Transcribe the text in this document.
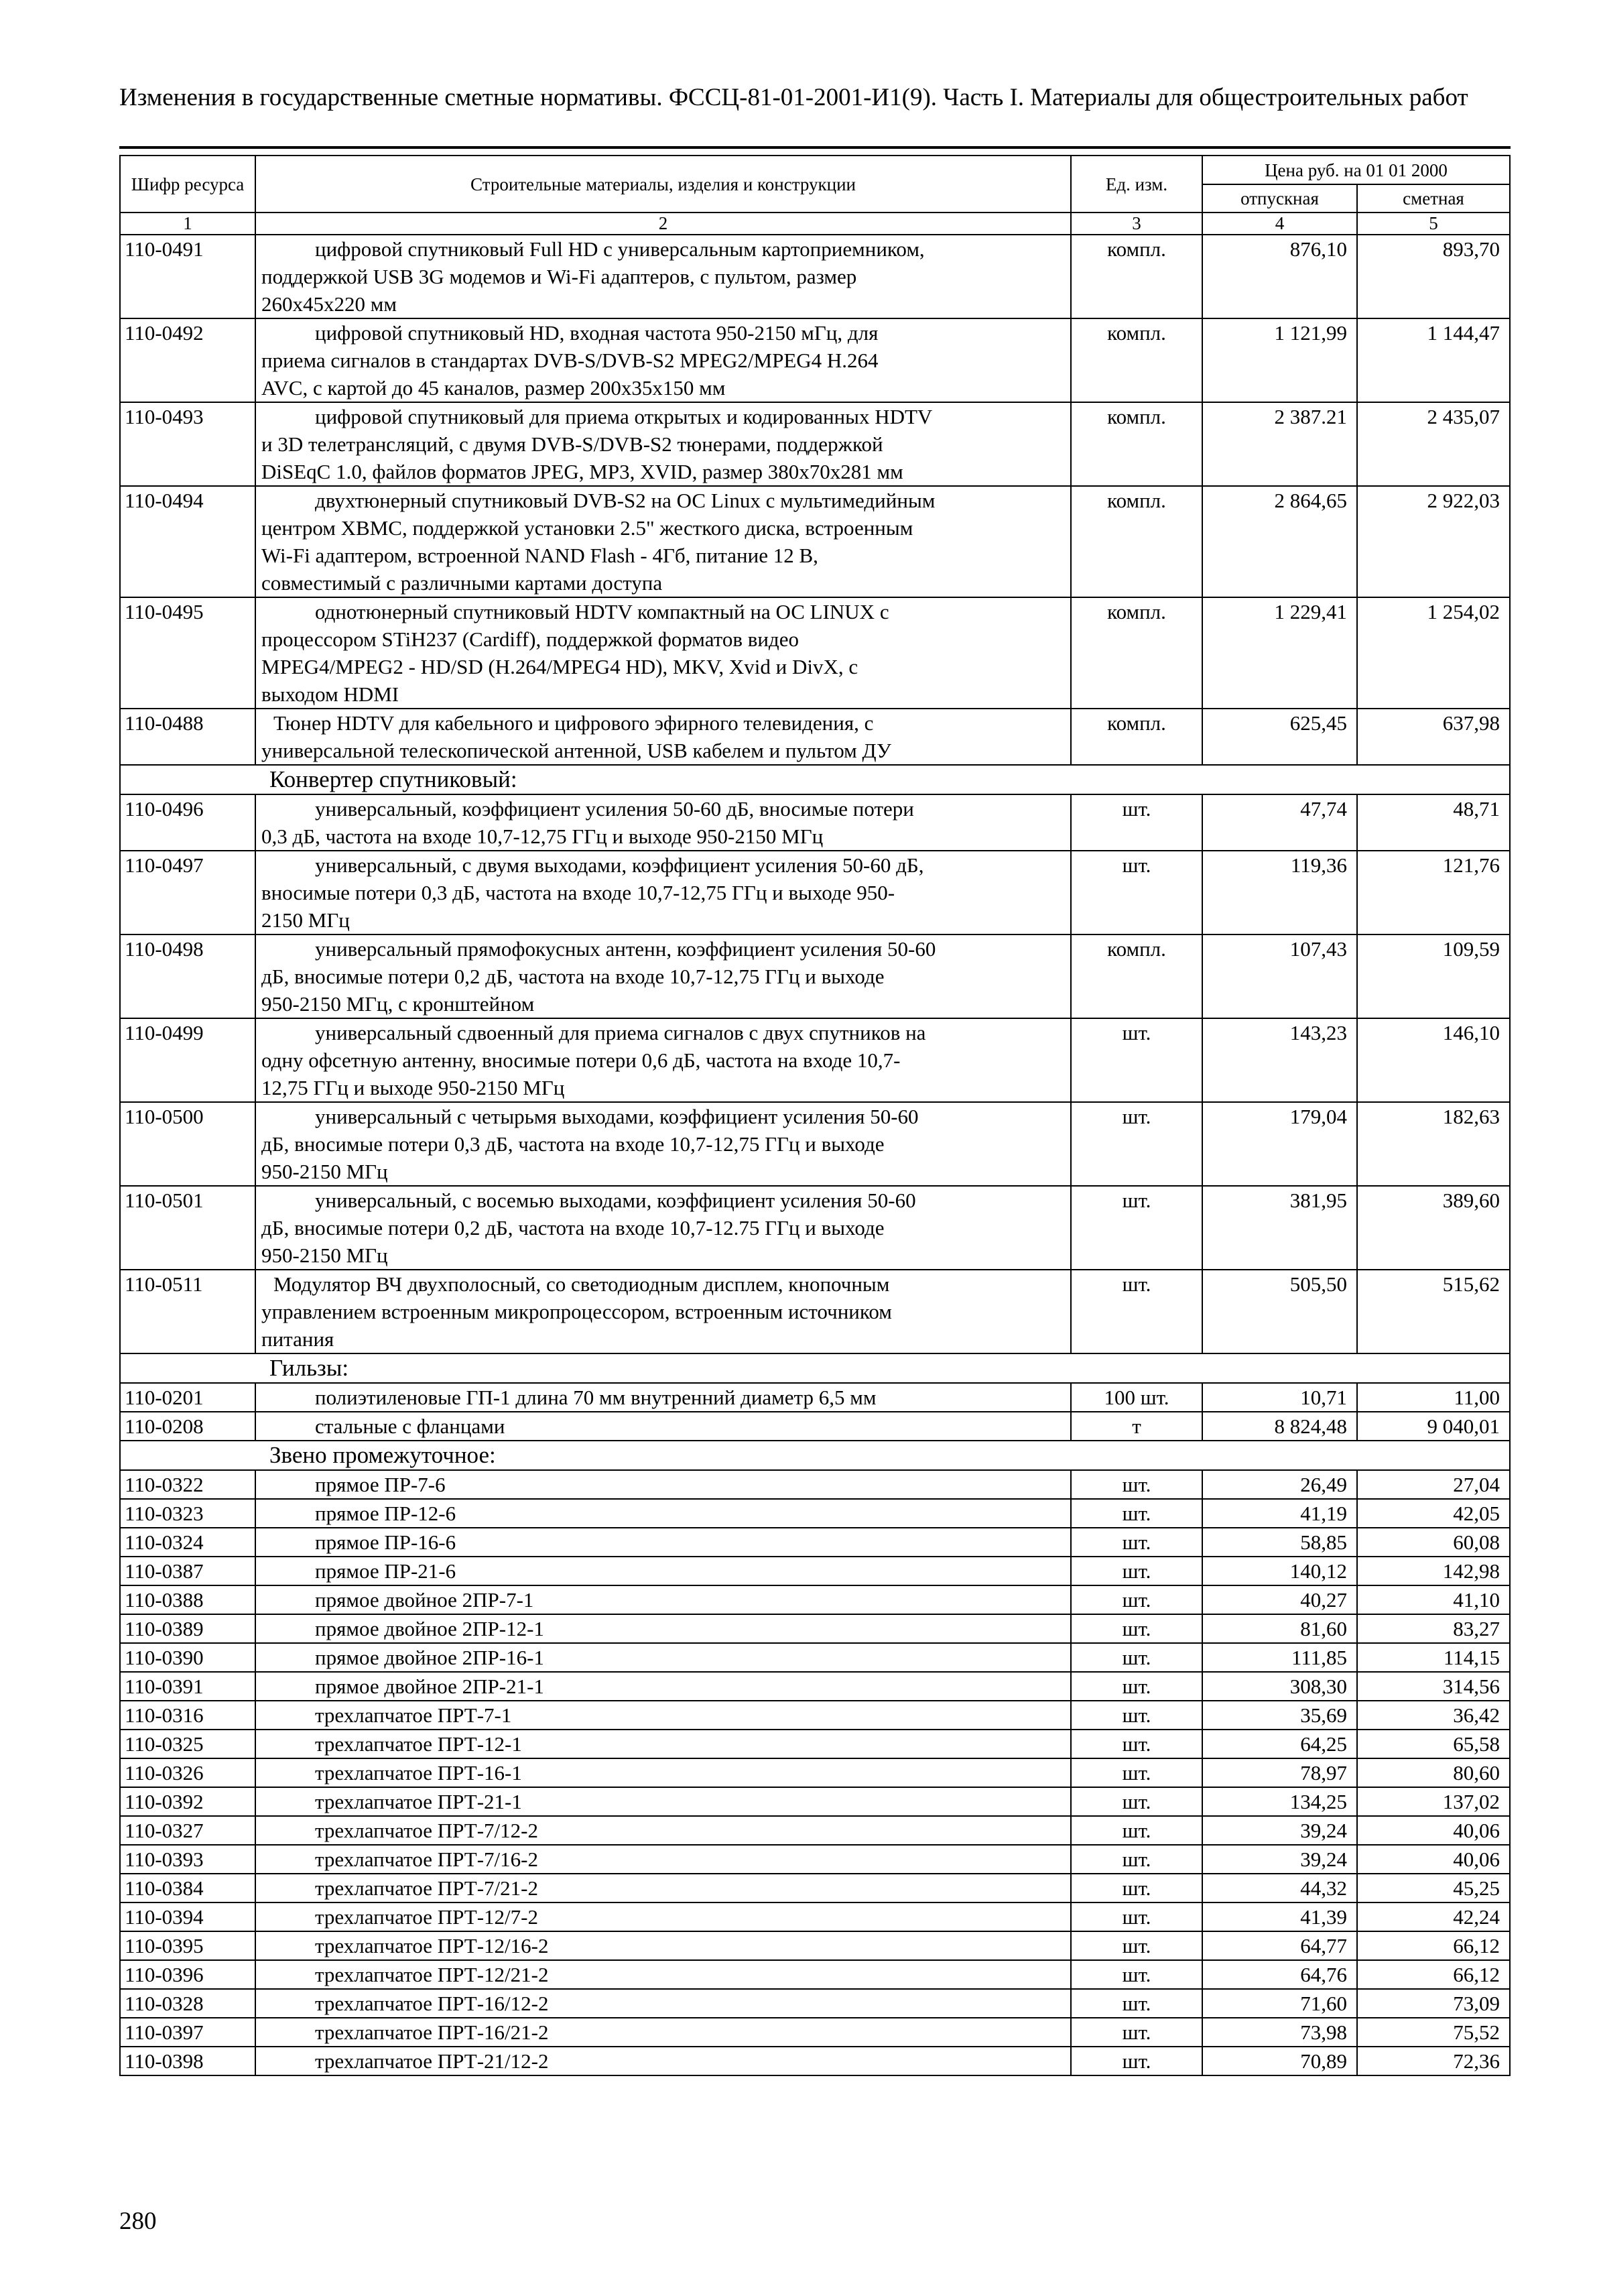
Изменения в государственные сметные нормативы. ФССЦ-81-01-2001-И1(9). Часть I. Материалы для общестроительных работ
Шифр ресурса	Строительные материалы, изделия и конструкции	Ед. изм.	Цена руб. на 01 01 2000	
			отпускная	сметная
1	2	3	4	5
110-0491	цифровой спутниковый Full HD с универсальным картоприемником,
поддержкой USB 3G модемов и Wi-Fi адаптеров, с пультом, размер
260x45x220 мм	компл.	876,10	893,70
110-0492	цифровой спутниковый HD, входная частота 950-2150 мГц, для
приема сигналов в стандартах DVB-S/DVB-S2 MPEG2/MPEG4 H.264
AVC, с картой до 45 каналов, размер 200x35x150 мм	компл.	1 121,99	1 144,47
110-0493	цифровой спутниковый для приема открытых и кодированных HDTV
и 3D телетрансляций, с двумя DVB-S/DVB-S2 тюнерами, поддержкой
DiSEqC 1.0, файлов форматов JPEG, MP3, XVID, размер 380x70x281 мм	компл.	2 387.21	2 435,07
110-0494	двухтюнерный спутниковый DVB-S2 на ОС Linux с мультимедийным
центром XBMC, поддержкой установки 2.5" жесткого диска, встроенным
Wi-Fi адаптером, встроенной NAND Flash - 4Гб, питание 12 В,
совместимый с различными картами доступа	компл.	2 864,65	2 922,03
110-0495	однотюнерный спутниковый HDTV компактный на ОС LINUX с
процессором STiH237 (Cardiff), поддержкой форматов видео
MPEG4/MPEG2 - HD/SD (H.264/MPEG4 HD), MKV, Xvid и DivX, с
выходом HDMI	компл.	1 229,41	1 254,02
110-0488	Тюнер HDTV для кабельного и цифрового эфирного телевидения, с
универсальной телескопической антенной, USB кабелем и пультом ДУ	компл.	625,45	637,98
Конвертер спутниковый:				
110-0496	универсальный, коэффициент усиления 50-60 дБ, вносимые потери
0,3 дБ, частота на входе 10,7-12,75 ГГц и выходе 950-2150 МГц	шт.	47,74	48,71
110-0497	универсальный, с двумя выходами, коэффициент усиления 50-60 дБ,
вносимые потери 0,3 дБ, частота на входе 10,7-12,75 ГГц и выходе 950-
2150 МГц	шт.	119,36	121,76
110-0498	универсальный прямофокусных антенн, коэффициент усиления 50-60
дБ, вносимые потери 0,2 дБ, частота на входе 10,7-12,75 ГГц и выходе
950-2150 МГц, с кронштейном	компл.	107,43	109,59
110-0499	универсальный сдвоенный для приема сигналов с двух спутников на
одну офсетную антенну, вносимые потери 0,6 дБ, частота на входе 10,7-
12,75 ГГц и выходе 950-2150 МГц	шт.	143,23	146,10
110-0500	универсальный с четырьмя выходами, коэффициент усиления 50-60
дБ, вносимые потери 0,3 дБ, частота на входе 10,7-12,75 ГГц и выходе
950-2150 МГц	шт.	179,04	182,63
110-0501	универсальный, с восемью выходами, коэффициент усиления 50-60
дБ, вносимые потери 0,2 дБ, частота на входе 10,7-12.75 ГГц и выходе
950-2150 МГц	шт.	381,95	389,60
110-0511	Модулятор ВЧ двухполосный, со светодиодным дисплем, кнопочным
управлением встроенным микропроцессором, встроенным источником
питания	шт.	505,50	515,62
Гильзы:				
110-0201	полиэтиленовые ГП-1 длина 70 мм внутренний диаметр 6,5 мм	100 шт.	10,71	11,00
110-0208	стальные с фланцами	т	8 824,48	9 040,01
Звено промежуточное:				
110-0322	прямое ПР-7-6	шт.	26,49	27,04
110-0323	прямое ПР-12-6	шт.	41,19	42,05
110-0324	прямое ПР-16-6	шт.	58,85	60,08
110-0387	прямое ПР-21-6	шт.	140,12	142,98
110-0388	прямое двойное 2ПР-7-1	шт.	40,27	41,10
110-0389	прямое двойное 2ПР-12-1	шт.	81,60	83,27
110-0390	прямое двойное 2ПР-16-1	шт.	111,85	114,15
110-0391	прямое двойное 2ПР-21-1	шт.	308,30	314,56
110-0316	трехлапчатое ПРТ-7-1	шт.	35,69	36,42
110-0325	трехлапчатое ПРТ-12-1	шт.	64,25	65,58
110-0326	трехлапчатое ПРТ-16-1	шт.	78,97	80,60
110-0392	трехлапчатое ПРТ-21-1	шт.	134,25	137,02
110-0327	трехлапчатое ПРТ-7/12-2	шт.	39,24	40,06
110-0393	трехлапчатое ПРТ-7/16-2	шт.	39,24	40,06
110-0384	трехлапчатое ПРТ-7/21-2	шт.	44,32	45,25
110-0394	трехлапчатое ПРТ-12/7-2	шт.	41,39	42,24
110-0395	трехлапчатое ПРТ-12/16-2	шт.	64,77	66,12
110-0396	трехлапчатое ПРТ-12/21-2	шт.	64,76	66,12
110-0328	трехлапчатое ПРТ-16/12-2	шт.	71,60	73,09
110-0397	трехлапчатое ПРТ-16/21-2	шт.	73,98	75,52
110-0398	трехлапчатое ПРТ-21/12-2	шт.	70,89	72,36
280
